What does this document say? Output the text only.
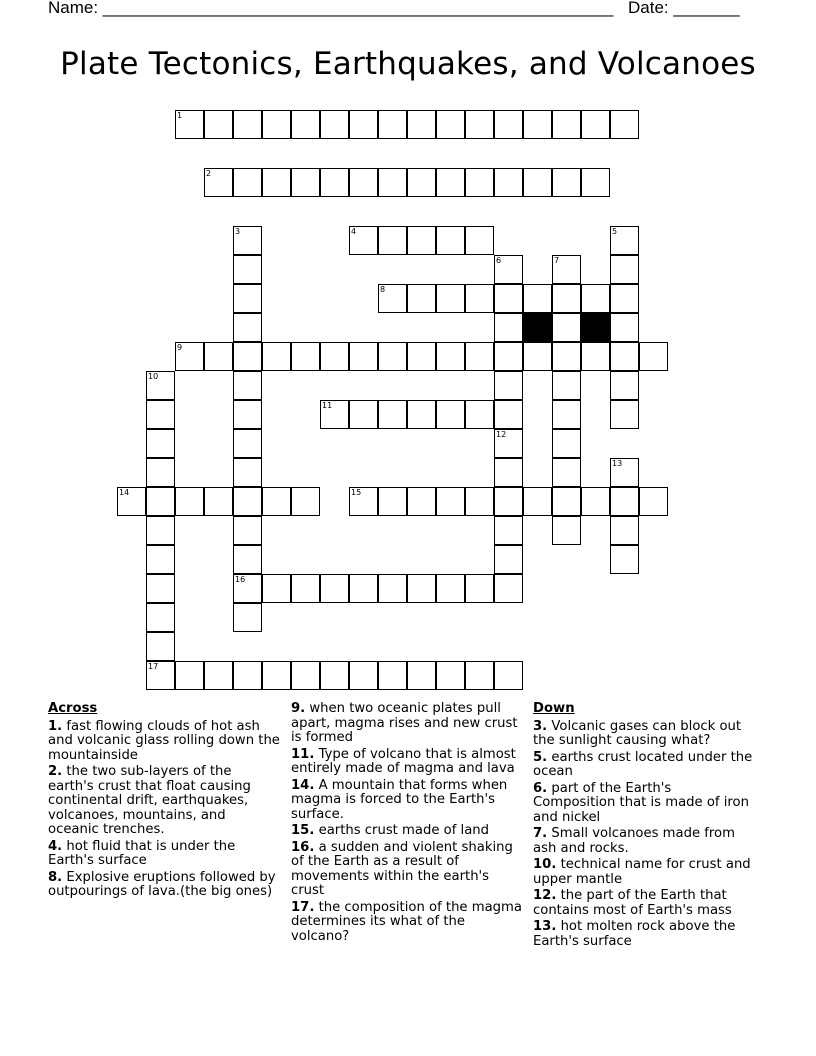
Name: ______________________________________________________ Date: _______
Plate Tectonics, Earthquakes, and Volcanoes
1
2
3	4	5
6	7
8
9
10
11
12
13
14	15
16
17
Across
1. fast flowing clouds of hot ash and volcanic glass rolling down the mountainside
2. the two sub-layers of the earth's crust that float causing continental drift, earthquakes, volcanoes, mountains, and oceanic trenches.
4. hot fluid that is under the Earth's surface
8. Explosive eruptions followed by outpourings of lava.(the big ones)
9. when two oceanic plates pull apart, magma rises and new crust is formed
11. Type of volcano that is almost entirely made of magma and lava
14. A mountain that forms when magma is forced to the Earth's surface.
15. earths crust made of land
16. a sudden and violent shaking of the Earth as a result of movements within the earth's crust
17. the composition of the magma determines its what of the volcano?
Down
3. Volcanic gases can block out the sunlight causing what?
5. earths crust located under the ocean
6. part of the Earth's Composition that is made of iron and nickel
7. Small volcanoes made from ash and rocks.
10. technical name for crust and upper mantle
12. the part of the Earth that contains most of Earth's mass
13. hot molten rock above the Earth's surface
